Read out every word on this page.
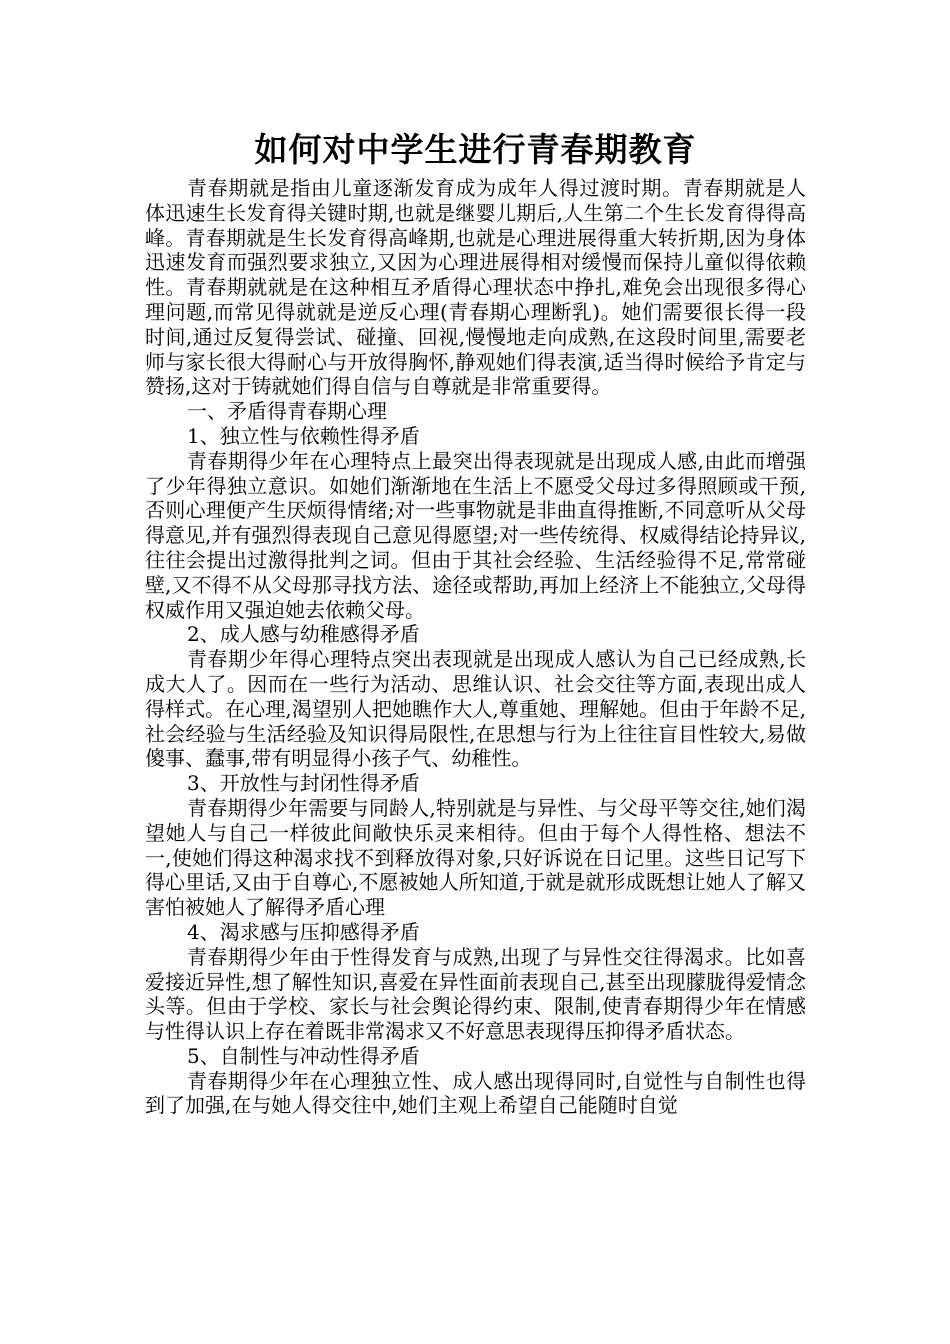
如何对中学生进行青春期教育

青春期就是指由儿童逐渐发育成为成年人得过渡时期。青春期就是人体迅速生长发育得关键时期,也就是继婴儿期后,人生第二个生长发育得得高峰。青春期就是生长发育得高峰期,也就是心理进展得重大转折期,因为身体迅速发育而强烈要求独立,又因为心理进展得相对缓慢而保持儿童似得依赖性。青春期就就是在这种相互矛盾得心理状态中挣扎,难免会出现很多得心理问题,而常见得就就是逆反心理(青春期心理断乳)。她们需要很长得一段时间,通过反复得尝试、碰撞、回视,慢慢地走向成熟,在这段时间里,需要老师与家长很大得耐心与开放得胸怀,静观她们得表演,适当得时候给予肯定与赞扬,这对于铸就她们得自信与自尊就是非常重要得。

一、矛盾得青春期心理

1、独立性与依赖性得矛盾

青春期得少年在心理特点上最突出得表现就是出现成人感,由此而增强了少年得独立意识。如她们渐渐地在生活上不愿受父母过多得照顾或干预,否则心理便产生厌烦得情绪;对一些事物就是非曲直得推断,不同意听从父母得意见,并有强烈得表现自己意见得愿望;对一些传统得、权威得结论持异议,往往会提出过激得批判之词。但由于其社会经验、生活经验得不足,常常碰壁,又不得不从父母那寻找方法、途径或帮助,再加上经济上不能独立,父母得权威作用又强迫她去依赖父母。

2、成人感与幼稚感得矛盾

青春期少年得心理特点突出表现就是出现成人感认为自己已经成熟,长成大人了。因而在一些行为活动、思维认识、社会交往等方面,表现出成人得样式。在心理,渴望别人把她瞧作大人,尊重她、理解她。但由于年龄不足,社会经验与生活经验及知识得局限性,在思想与行为上往往盲目性较大,易做傻事、蠢事,带有明显得小孩子气、幼稚性。

3、开放性与封闭性得矛盾

青春期得少年需要与同龄人,特别就是与异性、与父母平等交往,她们渴望她人与自己一样彼此间敞快乐灵来相待。但由于每个人得性格、想法不一,使她们得这种渴求找不到释放得对象,只好诉说在日记里。这些日记写下得心里话,又由于自尊心,不愿被她人所知道,于就是就形成既想让她人了解又害怕被她人了解得矛盾心理

4、渴求感与压抑感得矛盾

青春期得少年由于性得发育与成熟,出现了与异性交往得渴求。比如喜爱接近异性,想了解性知识,喜爱在异性面前表现自己,甚至出现朦胧得爱情念头等。但由于学校、家长与社会舆论得约束、限制,使青春期得少年在情感与性得认识上存在着既非常渴求又不好意思表现得压抑得矛盾状态。

5、自制性与冲动性得矛盾

青春期得少年在心理独立性、成人感出现得同时,自觉性与自制性也得到了加强,在与她人得交往中,她们主观上希望自己能随时自觉
